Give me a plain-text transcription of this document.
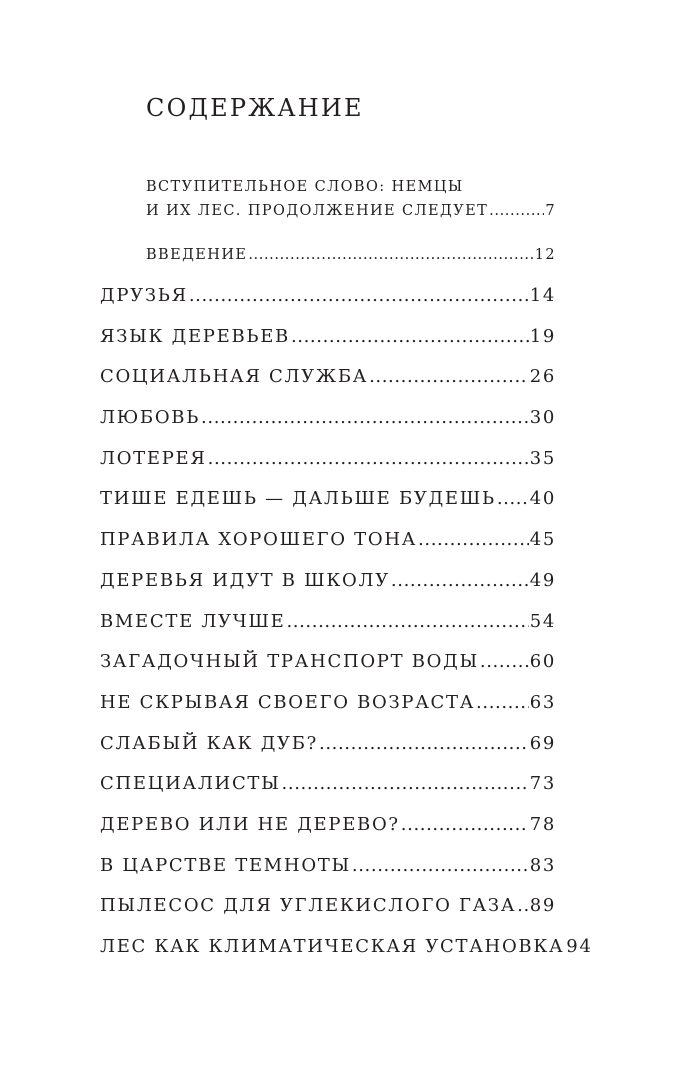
СОДЕРЖАНИЕ
ВСТУПИТЕЛЬНОЕ СЛОВО: НЕМЦЫ
И ИХ ЛЕС. ПРОДОЛЖЕНИЕ СЛЕДУЕТ .....	7
ВВЕДЕНИЕ .....	12
ДРУЗЬЯ .....	14
ЯЗЫК ДЕРЕВЬЕВ .....	19
СОЦИАЛЬНАЯ СЛУЖБА .....	26
ЛЮБОВЬ .....	30
ЛОТЕРЕЯ .....	35
ТИШЕ ЕДЕШЬ — ДАЛЬШЕ БУДЕШЬ ..... 40
ПРАВИЛА ХОРОШЕГО ТОНА .....	45
ДЕРЕВЬЯ ИДУТ В ШКОЛУ .....	49
ВМЕСТЕ ЛУЧШЕ .....	54
ЗАГАДОЧНЫЙ ТРАНСПОРТ ВОДЫ .....	60
НЕ СКРЫВАЯ СВОЕГО ВОЗРАСТА .....	63
СЛАБЫЙ КАК ДУБ? .....	69
СПЕЦИАЛИСТЫ .....	73
ДЕРЕВО ИЛИ НЕ ДЕРЕВО? .....	78
В ЦАРСТВЕ ТЕМНОТЫ .....	83
ПЫЛЕСОС ДЛЯ УГЛЕКИСЛОГО ГАЗА ..... 89
ЛЕС КАК КЛИМАТИЧЕСКАЯ УСТАНОВКА 94
